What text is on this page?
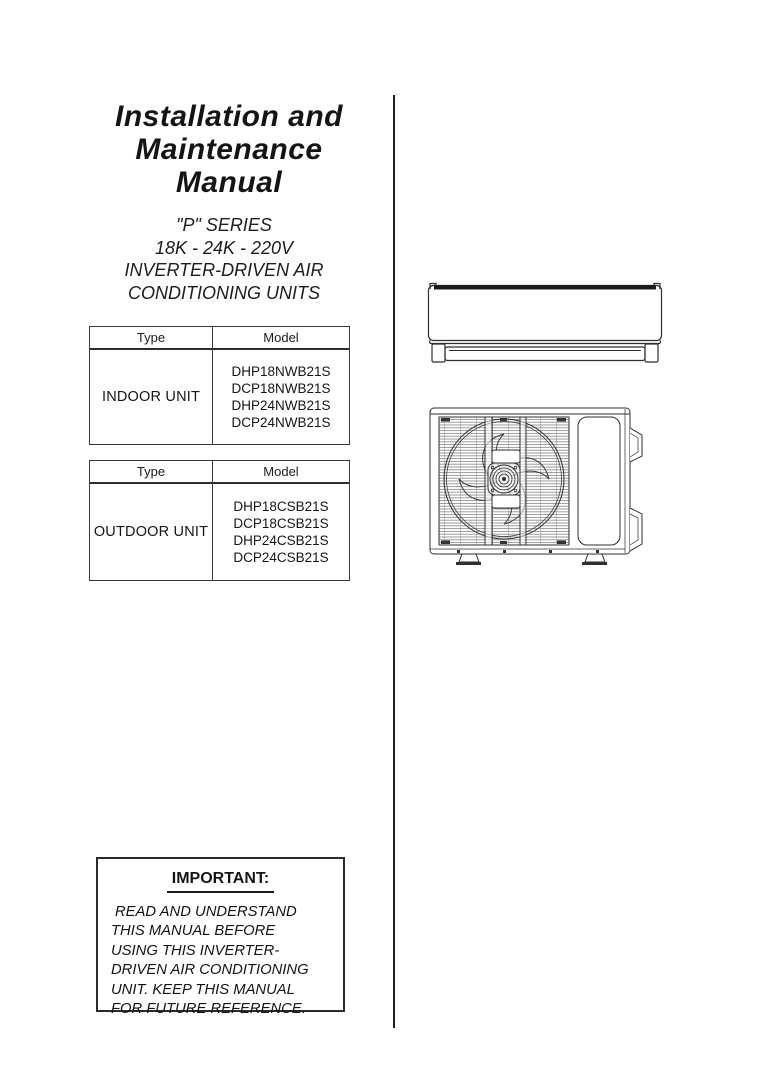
Installation and
Maintenance
Manual
"P" SERIES
18K - 24K - 220V
INVERTER-DRIVEN AIR
CONDITIONING UNITS
Type	Model
INDOOR UNIT
DHP18NWB21S
DCP18NWB21S
DHP24NWB21S
DCP24NWB21S
Type	Model
OUTDOOR UNIT
DHP18CSB21S
DCP18CSB21S
DHP24CSB21S
DCP24CSB21S
IMPORTANT:
READ AND UNDERSTAND
THIS MANUAL BEFORE
USING THIS INVERTER-
DRIVEN AIR CONDITIONING
UNIT. KEEP THIS MANUAL
FOR FUTURE REFERENCE.
